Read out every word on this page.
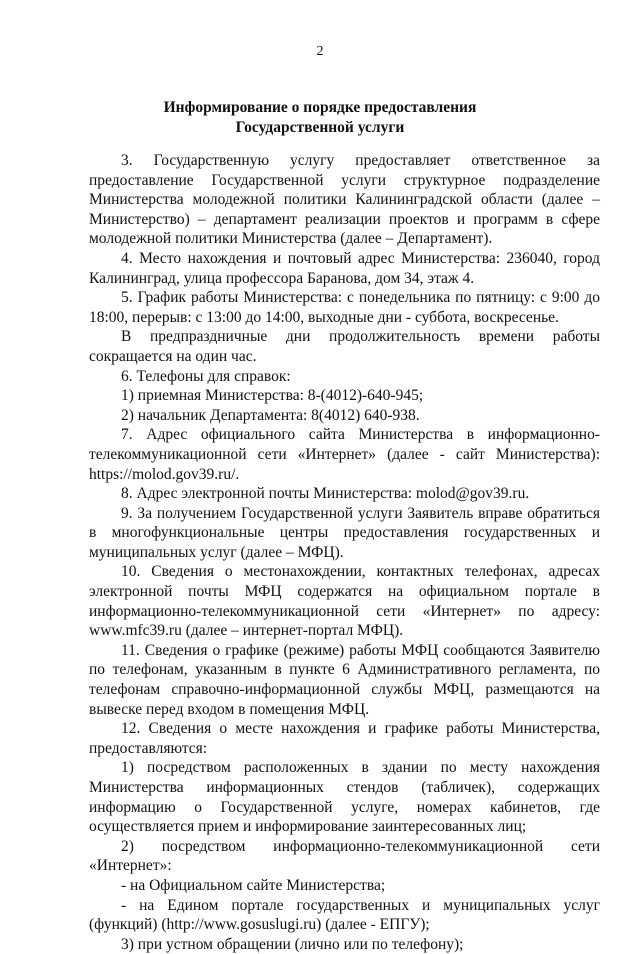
2
Информирование о порядке предоставления
Государственной услуги

3. Государственную услугу предоставляет ответственное за предоставление Государственной услуги структурное подразделение Министерства молодежной политики Калининградской области (далее – Министерство) – департамент реализации проектов и программ в сфере молодежной политики Министерства (далее – Департамент).

4. Место нахождения и почтовый адрес Министерства: 236040, город Калининград, улица профессора Баранова, дом 34, этаж 4.

5. График работы Министерства: с понедельника по пятницу: с 9:00 до 18:00, перерыв: с 13:00 до 14:00, выходные дни - суббота, воскресенье.

В предпраздничные дни продолжительность времени работы сокращается на один час.

6. Телефоны для справок:

1) приемная Министерства: 8-(4012)-640-945;

2) начальник Департамента: 8(4012) 640-938.

7. Адрес официального сайта Министерства в информационно-телекоммуникационной сети «Интернет» (далее - сайт Министерства): https://molod.gov39.ru/.

8. Адрес электронной почты Министерства: molod@gov39.ru.

9. За получением Государственной услуги Заявитель вправе обратиться в многофункциональные центры предоставления государственных и муниципальных услуг (далее – МФЦ).

10. Сведения о местонахождении, контактных телефонах, адресах электронной почты МФЦ содержатся на официальном портале в информационно-телекоммуникационной сети «Интернет» по адресу: www.mfc39.ru (далее – интернет-портал МФЦ).

11. Сведения о графике (режиме) работы МФЦ сообщаются Заявителю по телефонам, указанным в пункте 6 Административного регламента, по телефонам справочно-информационной службы МФЦ, размещаются на вывеске перед входом в помещения МФЦ.

12. Сведения о месте нахождения и графике работы Министерства, предоставляются:

1) посредством расположенных в здании по месту нахождения Министерства информационных стендов (табличек), содержащих информацию о Государственной услуге, номерах кабинетов, где осуществляется прием и информирование заинтересованных лиц;

2) посредством информационно-телекоммуникационной сети «Интернет»:

- на Официальном сайте Министерства;

- на Едином портале государственных и муниципальных услуг (функций) (http://www.gosuslugi.ru) (далее - ЕПГУ);

3) при устном обращении (лично или по телефону);
